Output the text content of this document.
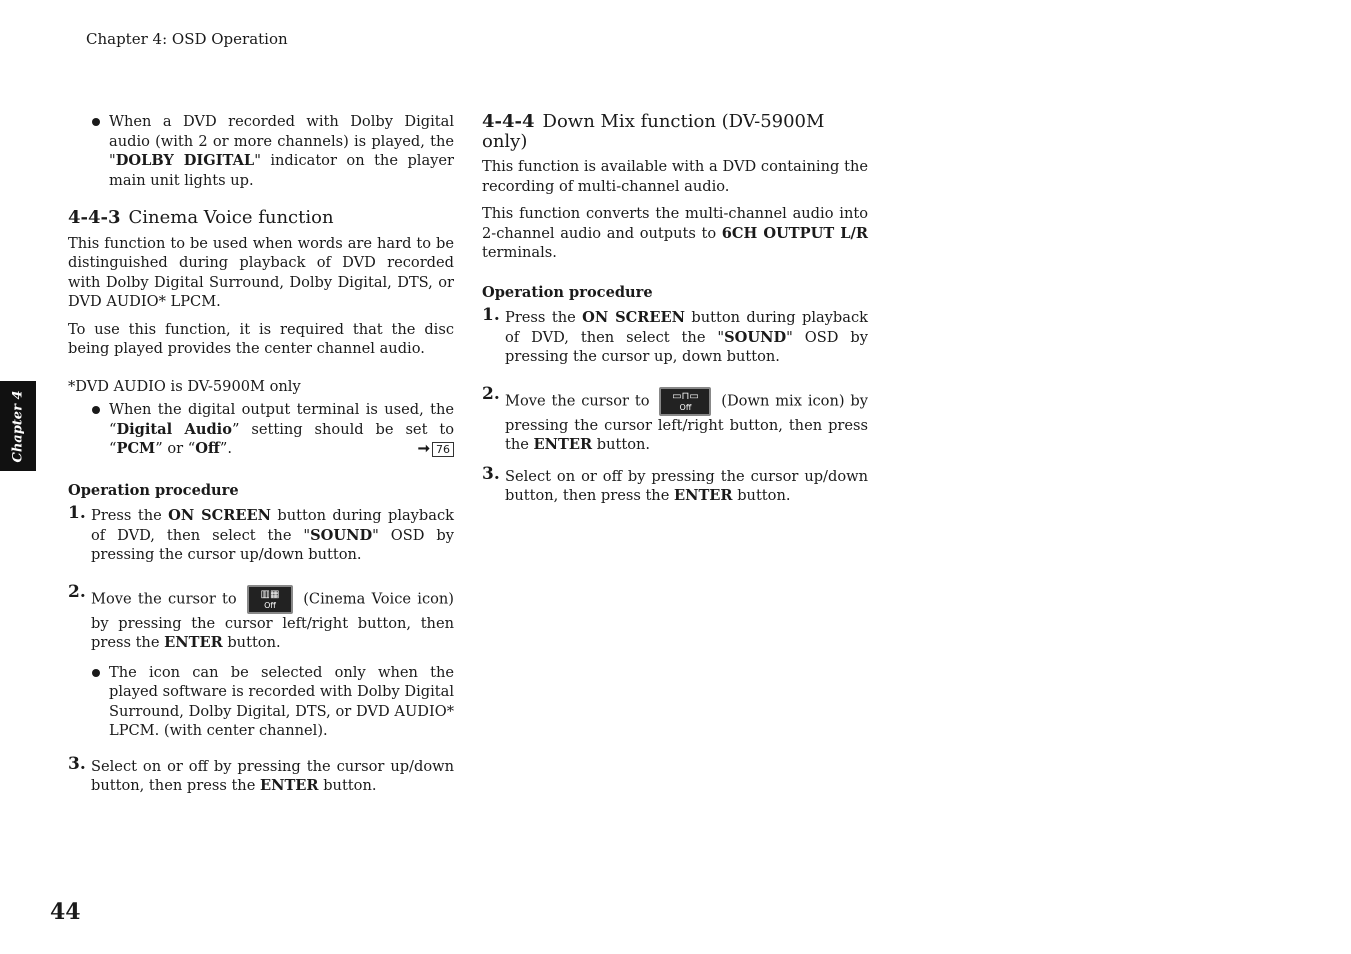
Chapter 4: OSD Operation
Chapter 4
44

When a DVD recorded with Dolby Digital audio (with 2 or more channels) is played, the "DOLBY DIGITAL" indicator on the player main unit lights up.

4-4-3 Cinema Voice function

This function to be used when words are hard to be distinguished during playback of DVD recorded with Dolby Digital Surround, Dolby Digital, DTS, or DVD AUDIO* LPCM.

To use this function, it is required that the disc being played provides the center channel audio.

*DVD AUDIO is DV-5900M only

When the digital output terminal is used, the “Digital Audio” setting should be set to “PCM” or “Off”.	➞ 76

Operation procedure

1. Press the ON SCREEN button during playback of DVD, then select the "SOUND" OSD by pressing the cursor up/down button.

2. Move the cursor to	▥▦
Off	(Cinema Voice icon) by pressing the cursor left/right button, then press the ENTER button.

The icon can be selected only when the played software is recorded with Dolby Digital Surround, Dolby Digital, DTS, or DVD AUDIO* LPCM. (with center channel).

3. Select on or off by pressing the cursor up/down button, then press the ENTER button.

4-4-4 Down Mix function (DV-5900M only)

This function is available with a DVD containing the recording of multi-channel audio.

This function converts the multi-channel audio into 2-channel audio and outputs to 6CH OUTPUT L/R terminals.

Operation procedure

1. Press the ON SCREEN button during playback of DVD, then select the "SOUND" OSD by pressing the cursor up, down button.

2. Move the cursor to	▭⊓▭
Off	(Down mix icon) by pressing the cursor left/right button, then press the ENTER button.

3. Select on or off by pressing the cursor up/down button, then press the ENTER button.
